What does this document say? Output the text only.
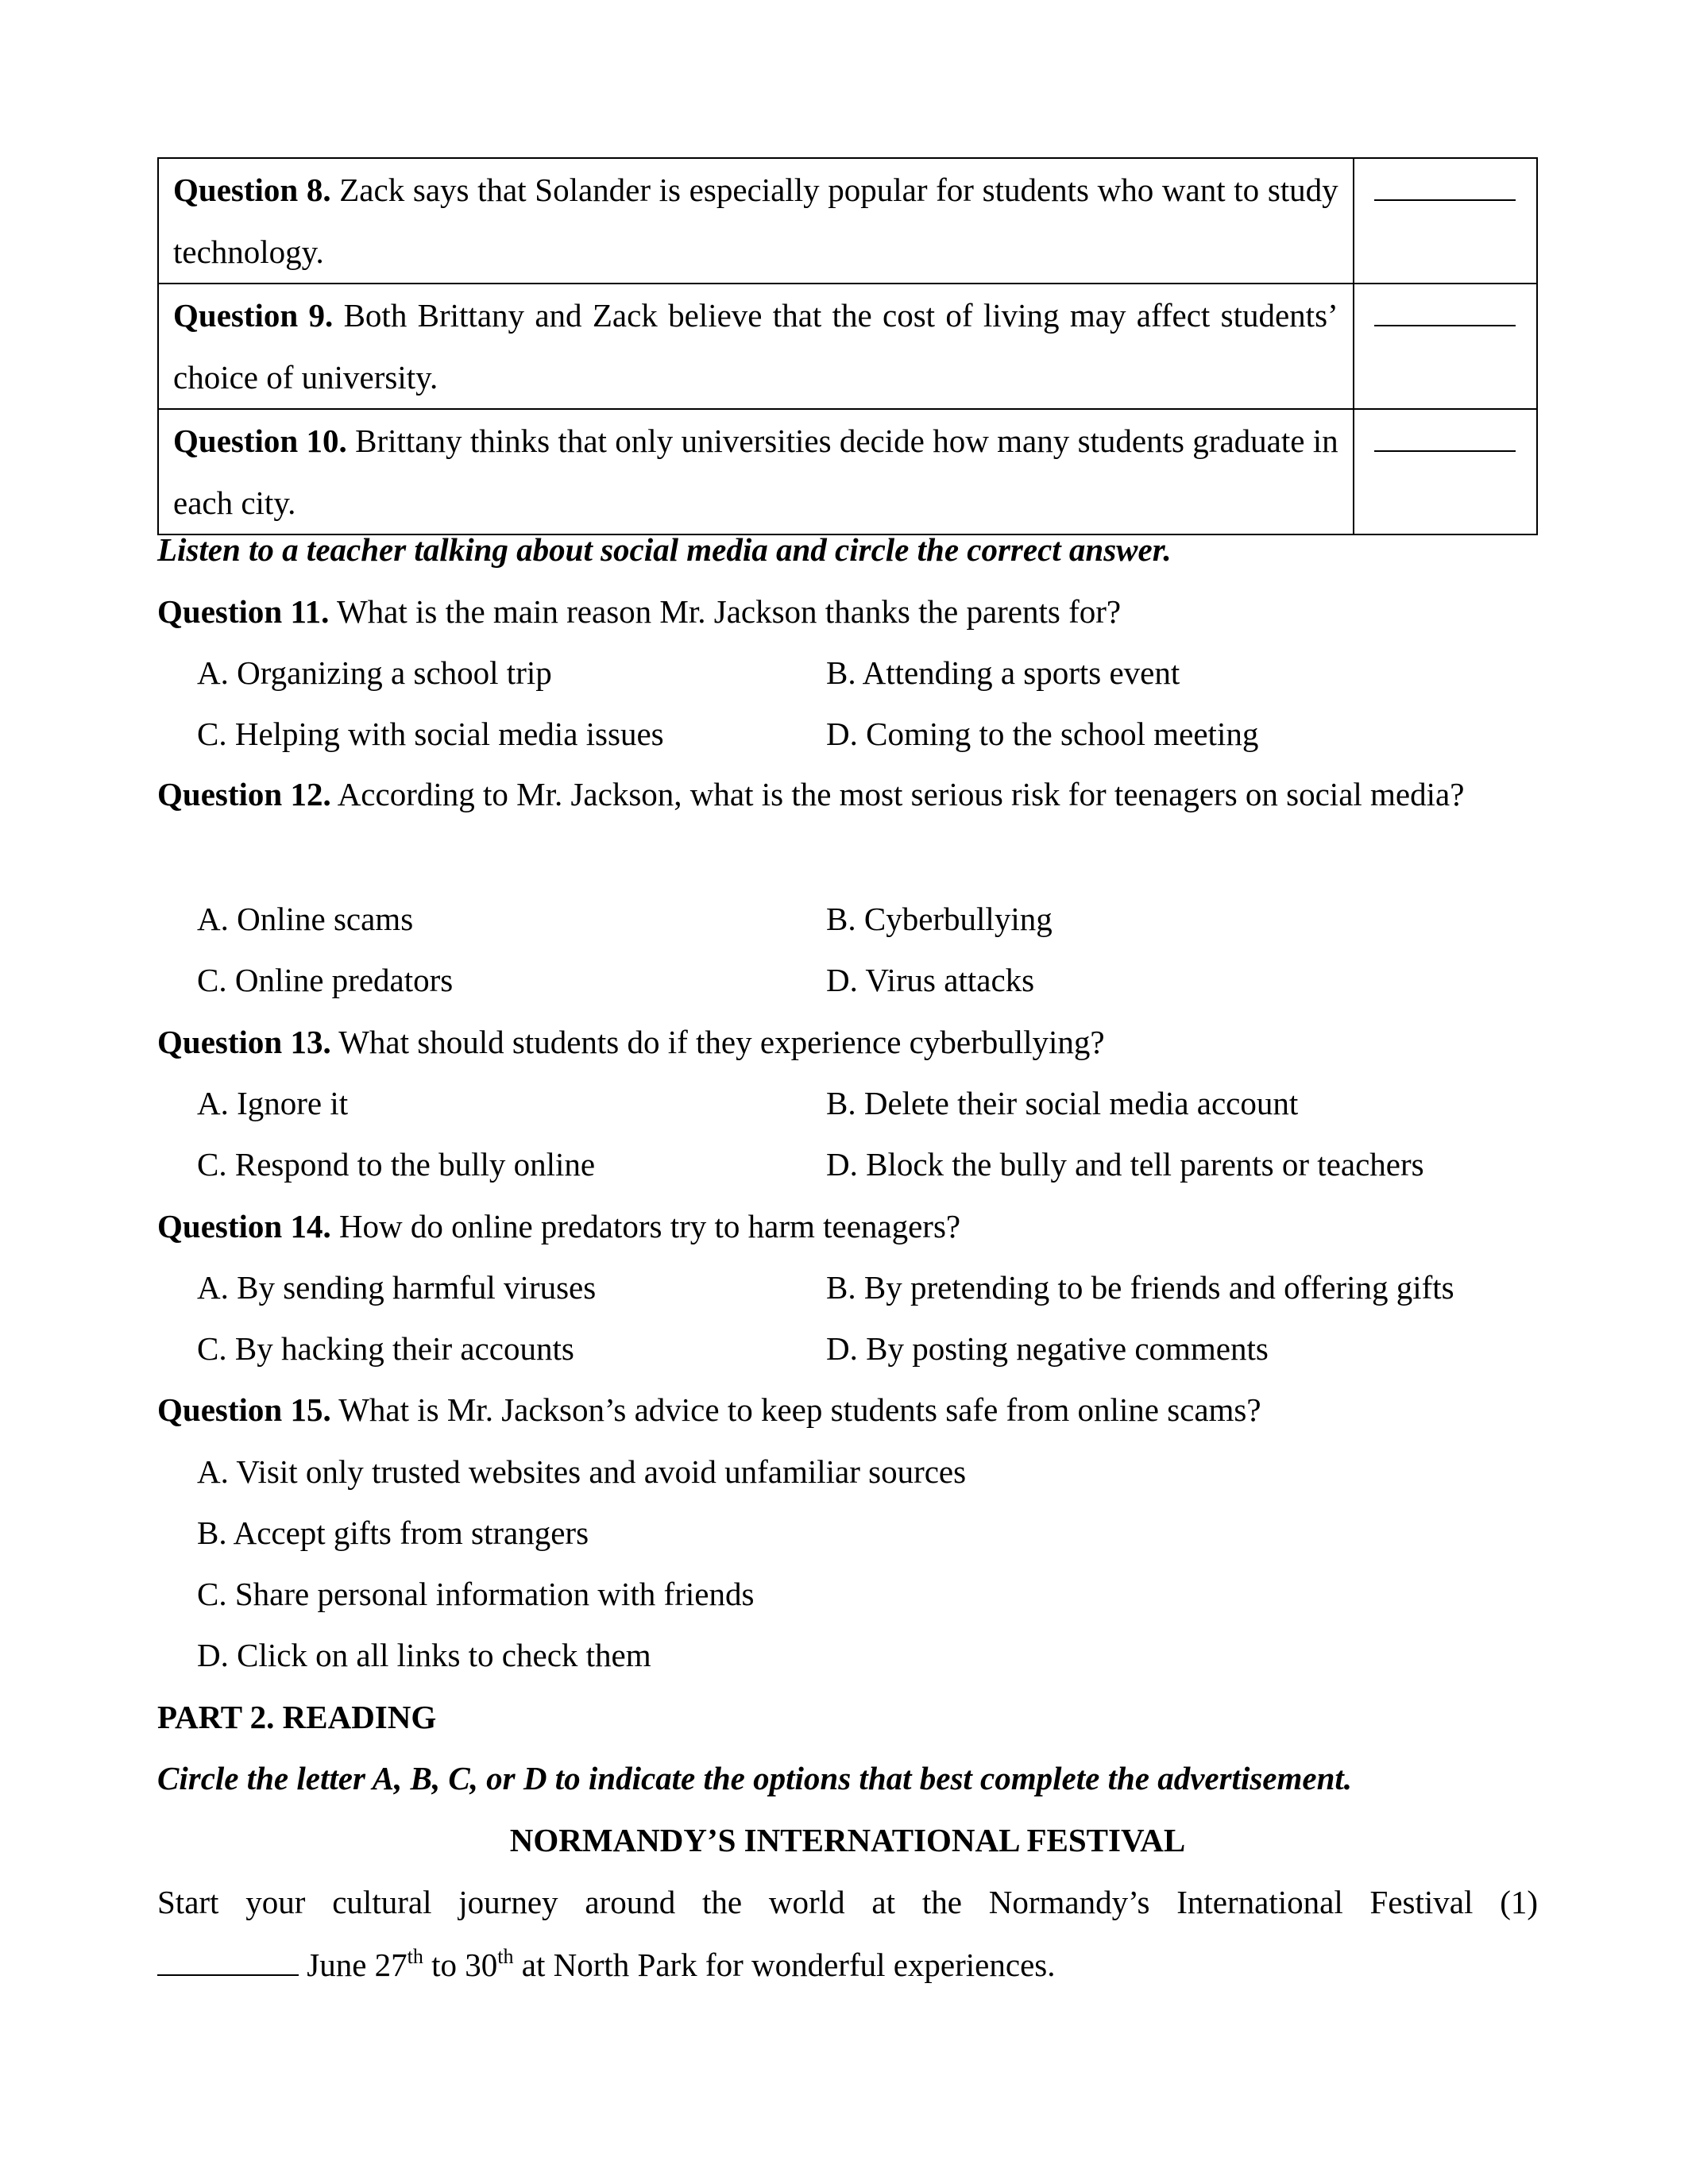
Question 8. Zack says that Solander is especially popular for students who want to study technology.	
Question 9. Both Brittany and Zack believe that the cost of living may affect students’ choice of university.	
Question 10. Brittany thinks that only universities decide how many students graduate in each city.	
Listen to a teacher talking about social media and circle the correct answer.
Question 11. What is the main reason Mr. Jackson thanks the parents for?
A. Organizing a school trip	B. Attending a sports event
C. Helping with social media issues	D. Coming to the school meeting
Question 12. According to Mr. Jackson, what is the most serious risk for teenagers on social media?
A. Online scams	B. Cyberbullying
C. Online predators	D. Virus attacks
Question 13. What should students do if they experience cyberbullying?
A. Ignore it	B. Delete their social media account
C. Respond to the bully online	D. Block the bully and tell parents or teachers
Question 14. How do online predators try to harm teenagers?
A. By sending harmful viruses	B. By pretending to be friends and offering gifts
C. By hacking their accounts	D. By posting negative comments
Question 15. What is Mr. Jackson’s advice to keep students safe from online scams?
A. Visit only trusted websites and avoid unfamiliar sources
B. Accept gifts from strangers
C. Share personal information with friends
D. Click on all links to check them
PART 2. READING
Circle the letter A, B, C, or D to indicate the options that best complete the advertisement.
NORMANDY’S INTERNATIONAL FESTIVAL
Start your cultural journey around the world at the Normandy’s International Festival (1)
June 27th to 30th at North Park for wonderful experiences.
